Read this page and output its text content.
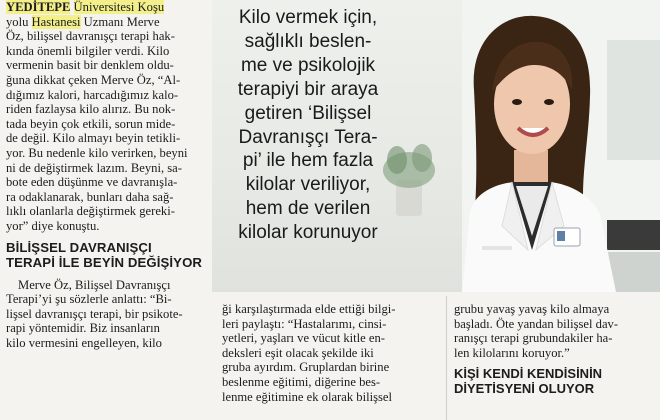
YEDİTEPE Üniversitesi Koşu
yolu Hastanesi Uzmanı Merve
Öz, bilişsel davranışçı terapi hak-
kında önemli bilgiler verdi. Kilo
vermenin basit bir denklem oldu-
ğuna dikkat çeken Merve Öz, “Al-
dığımız kalori, harcadığımız kalo-
riden fazlaysa kilo alırız. Bu nok-
tada beyin çok etkili, sorun mide-
de değil. Kilo almayı beyin tetikli-
yor. Bu nedenle kilo verirken, beyni
ni de değiştirmek lazım. Beyni, sa-
botе eden düşünme ve davranışla-
ra odaklanarak, bunları daha sağ-
lıklı olanlarla değiştirmek gereki-
yor” diye konuştu.
BİLİŞSEL DAVRANIŞÇI
TERAPİ İLE BEYİN DEĞİŞİYOR
Merve Öz, Bilişsel Davranışçı
Terapi’yi şu sözlerle anlattı: “Bi-
lişsel davranışçı terapi, bir psikote-
rapi yöntemidir. Biz insanların
kilo vermesini engelleyen, kilo
Kilo vermek için,
sağlıklı beslen-
me ve psikolojik
terapiyi bir araya
getiren ‘Bilişsel
Davranışçı Tera-
pi’ ile hem fazla
kilolar veriliyor,
hem de verilen
kilolar korunuyor
ği karşılaştırmada elde ettiği bilgi-
leri paylaştı: “Hastalarımı, cinsi-
yetleri, yaşları ve vücut kitle en-
deksleri eşit olacak şekilde iki
gruba ayırdım. Gruplardan birine
beslenme eğitimi, diğerine bes-
lenme eğitimine ek olarak bilişsel
grubu yavaş yavaş kilo almaya
başladı. Öte yandan bilişsel dav-
ranışçı terapi grubundakiler ha-
len kilolarını koruyor.”
KİŞİ KENDİ KENDİSİNİN
DİYETİSYENİ OLUYOR
